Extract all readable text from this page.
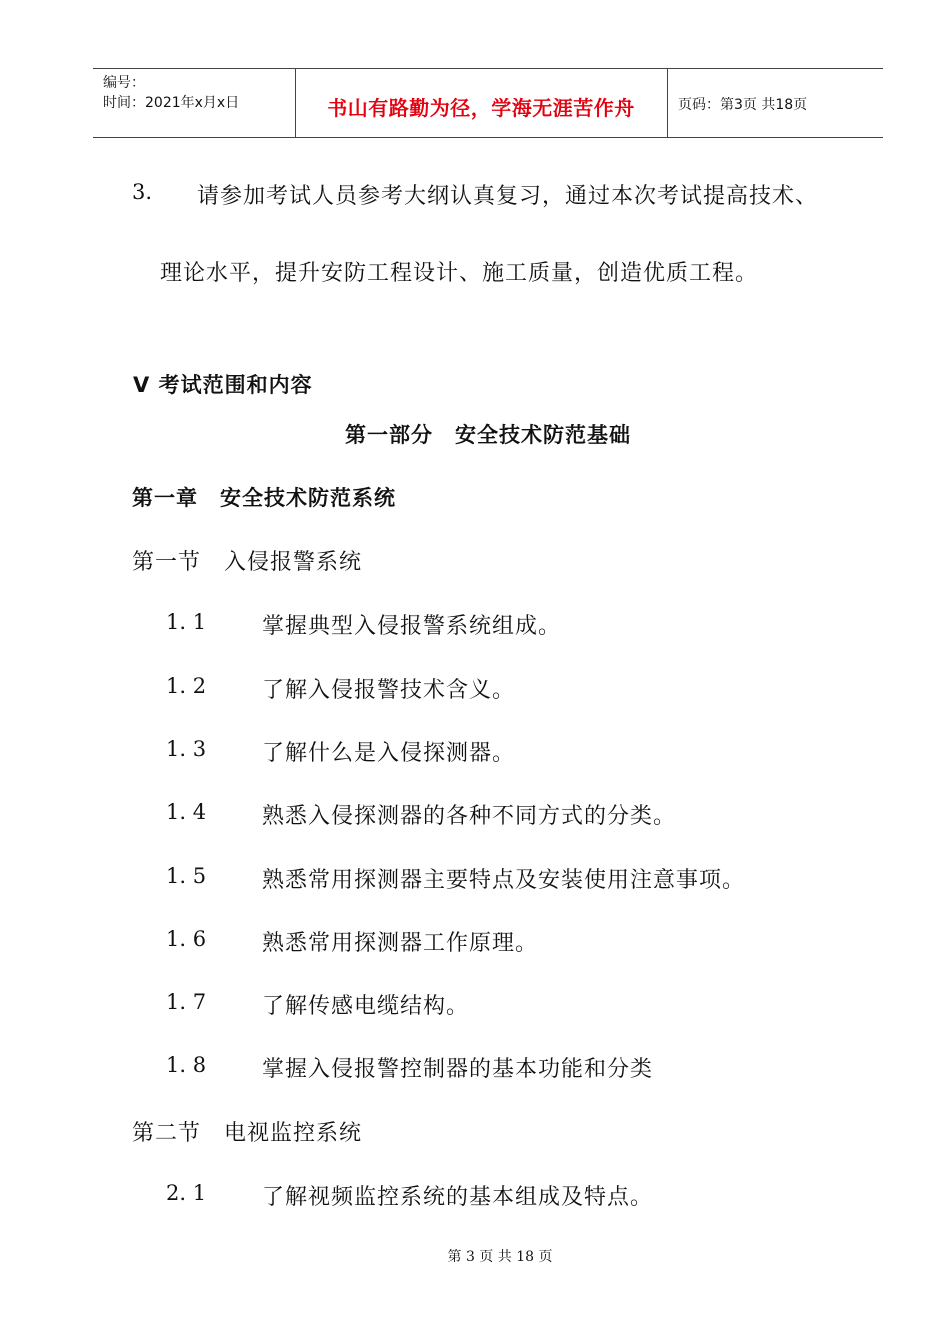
编号：
时间：2021年x月x日	书山有路勤为径，学海无涯苦作舟	页码：第3页 共18页
3. 请参加考试人员参考大纲认真复习，通过本次考试提高技术、
理论水平，提升安防工程设计、施工质量，创造优质工程。
V 考试范围和内容
第一部分　安全技术防范基础
第一章　安全技术防范系统
第一节　入侵报警系统
1. 1	掌握典型入侵报警系统组成。
1. 2	了解入侵报警技术含义。
1. 3	了解什么是入侵探测器。
1. 4	熟悉入侵探测器的各种不同方式的分类。
1. 5	熟悉常用探测器主要特点及安装使用注意事项。
1. 6	熟悉常用探测器工作原理。
1. 7	了解传感电缆结构。
1. 8	掌握入侵报警控制器的基本功能和分类
第二节　电视监控系统
2. 1	了解视频监控系统的基本组成及特点。
第 3 页 共 18 页
